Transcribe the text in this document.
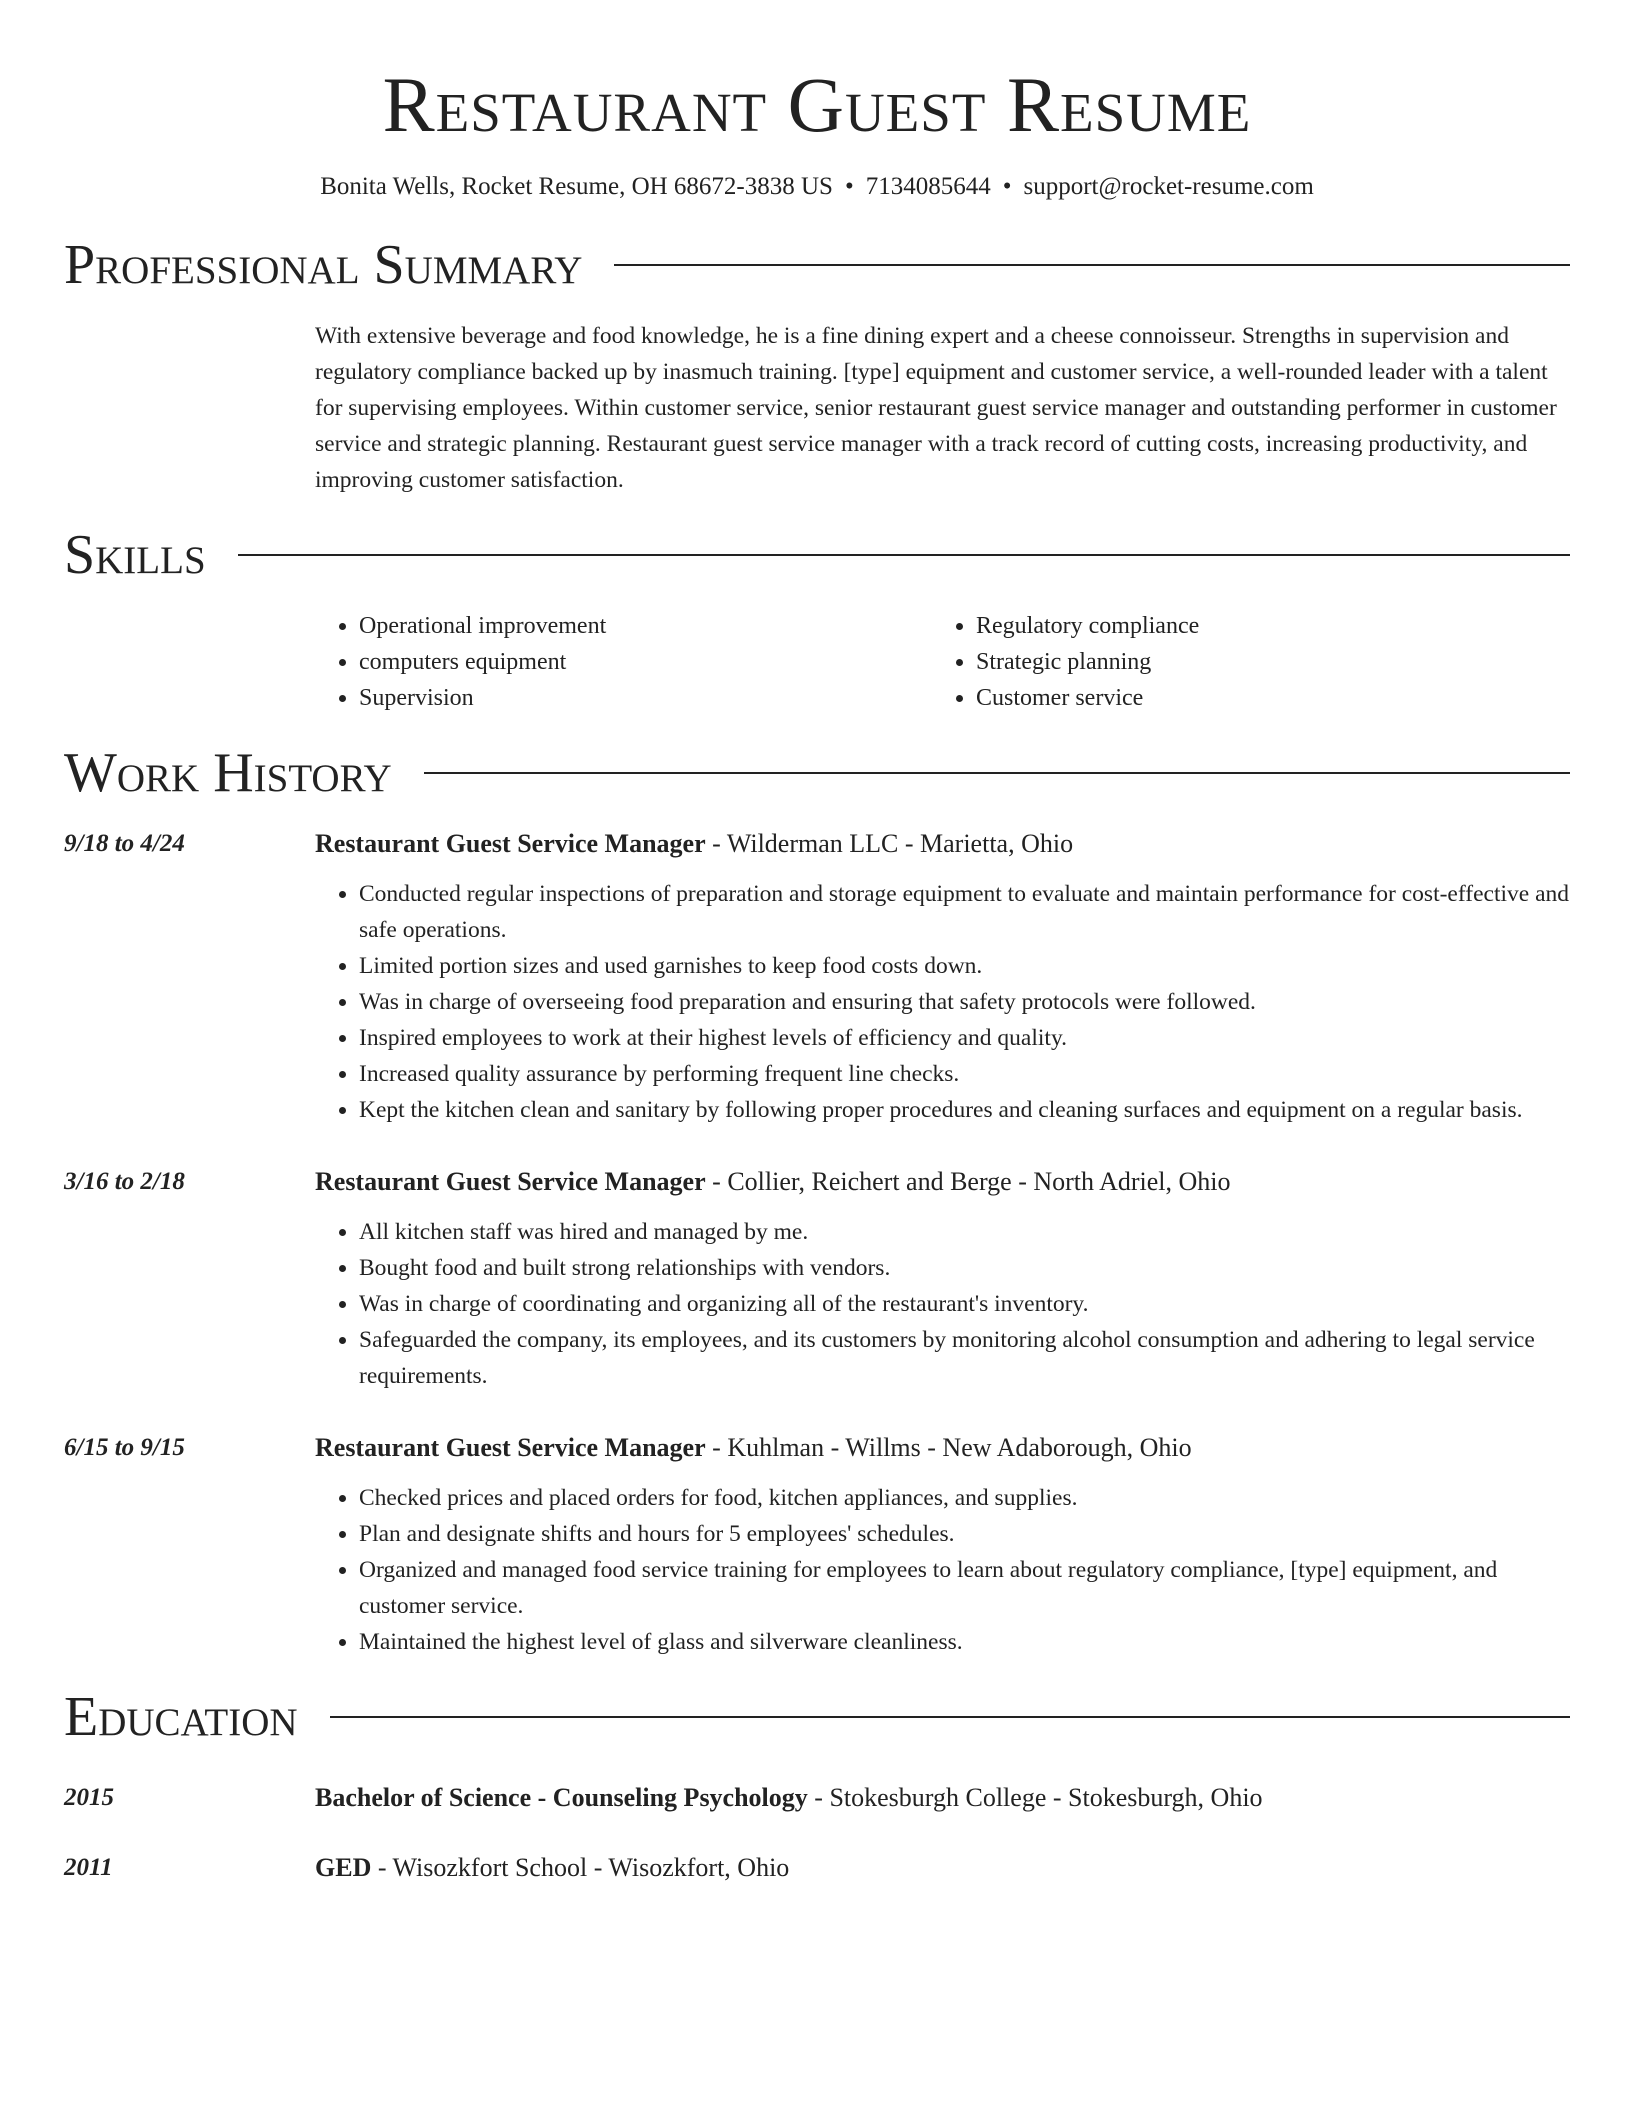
Restaurant Guest Resume
Bonita Wells, Rocket Resume, OH 68672-3838 US • 7134085644 • support@rocket-resume.com
Professional Summary

With extensive beverage and food knowledge, he is a fine dining expert and a cheese connoisseur. Strengths in supervision and regulatory compliance backed up by inasmuch training. [type] equipment and customer service, a well-rounded leader with a talent for supervising employees. Within customer service, senior restaurant guest service manager and outstanding performer in customer service and strategic planning. Restaurant guest service manager with a track record of cutting costs, increasing productivity, and improving customer satisfaction.

Skills
• Operational improvement
• computers equipment
• Supervision
• Regulatory compliance
• Strategic planning
• Customer service
Work History
9/18 to 4/24	Restaurant Guest Service Manager - Wilderman LLC - Marietta, Ohio
• Conducted regular inspections of preparation and storage equipment to evaluate and maintain performance for cost-effective and safe operations.
• Limited portion sizes and used garnishes to keep food costs down.
• Was in charge of overseeing food preparation and ensuring that safety protocols were followed.
• Inspired employees to work at their highest levels of efficiency and quality.
• Increased quality assurance by performing frequent line checks.
• Kept the kitchen clean and sanitary by following proper procedures and cleaning surfaces and equipment on a regular basis.
3/16 to 2/18	Restaurant Guest Service Manager - Collier, Reichert and Berge - North Adriel, Ohio
• All kitchen staff was hired and managed by me.
• Bought food and built strong relationships with vendors.
• Was in charge of coordinating and organizing all of the restaurant's inventory.
• Safeguarded the company, its employees, and its customers by monitoring alcohol consumption and adhering to legal service requirements.
6/15 to 9/15	Restaurant Guest Service Manager - Kuhlman - Willms - New Adaborough, Ohio
• Checked prices and placed orders for food, kitchen appliances, and supplies.
• Plan and designate shifts and hours for 5 employees' schedules.
• Organized and managed food service training for employees to learn about regulatory compliance, [type] equipment, and customer service.
• Maintained the highest level of glass and silverware cleanliness.
Education
2015	Bachelor of Science - Counseling Psychology - Stokesburgh College - Stokesburgh, Ohio
2011	GED - Wisozkfort School - Wisozkfort, Ohio
